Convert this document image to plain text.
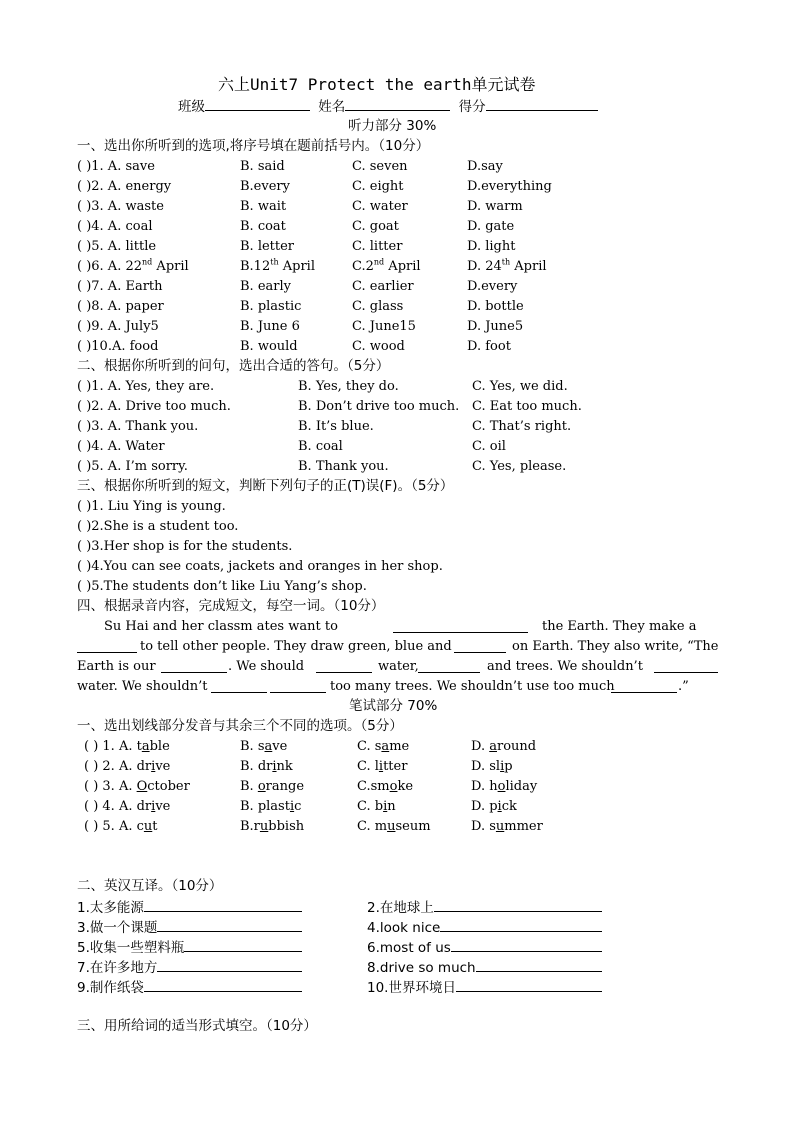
六上Unit7 Protect the earth单元试卷
班级	姓名	得分
听力部分 30%
一、选出你所听到的选项,将序号填在题前括号内。（10分）
( )1. A. save	B. said	C. seven	D.say
( )2. A. energy	B.every	C. eight	D.everything
( )3. A. waste	B. wait	C. water	D. warm
( )4. A. coal	B. coat	C. goat	D. gate
( )5. A. little	B. letter	C. litter	D. light
( )6. A. 22nd April	B.12th April	C.2nd April	D. 24th April
( )7. A. Earth	B. early	C. earlier	D.every
( )8. A. paper	B. plastic	C. glass	D. bottle
( )9. A. July5	B. June 6	C. June15	D. June5
( )10.A. food	B. would	C. wood	D. foot
二、根据你所听到的问句，选出合适的答句。（5分）
( )1. A. Yes, they are.	B. Yes, they do.	C. Yes, we did.
( )2. A. Drive too much.	B. Don’t drive too much. C. Eat too much.
( )3. A. Thank you.	B. It’s blue.	C. That’s right.
( )4. A. Water	B. coal	C. oil
( )5. A. I’m sorry.	B. Thank you.	C. Yes, please.
三、根据你所听到的短文，判断下列句子的正(T)误(F)。（5分）
( )1. Liu Ying is young.
( )2.She is a student too.
( )3.Her shop is for the students.
( )4.You can see coats, jackets and oranges in her shop.
( )5.The students don’t like Liu Yang’s shop.
四、根据录音内容，完成短文，每空一词。（10分）
Su Hai and her classm ates want to	the Earth. They make a
to tell other people. They draw green, blue and	on Earth. They also write, “The
Earth is our	. We should	water,	and trees. We shouldn’t
water. We shouldn’t	too many trees. We shouldn’t use too much	.”
笔试部分 70%
一、选出划线部分发音与其余三个不同的选项。（5分）
( ) 1. A. table	B. save	C. same	D. around
( ) 2. A. drive	B. drink	C. litter	D. slip
( ) 3. A. October	B. orange	C.smoke	D. holiday
( ) 4. A. drive	B. plastic	C. bin	D. pick
( ) 5. A. cut	B.rubbish	C. museum	D. summer
二、英汉互译。（10分）
1.太多能源	2.在地球上
3.做一个课题	4.look nice
5.收集一些塑料瓶	6.most of us
7.在许多地方	8.drive so much
9.制作纸袋	10.世界环境日
三、用所给词的适当形式填空。（10分）
